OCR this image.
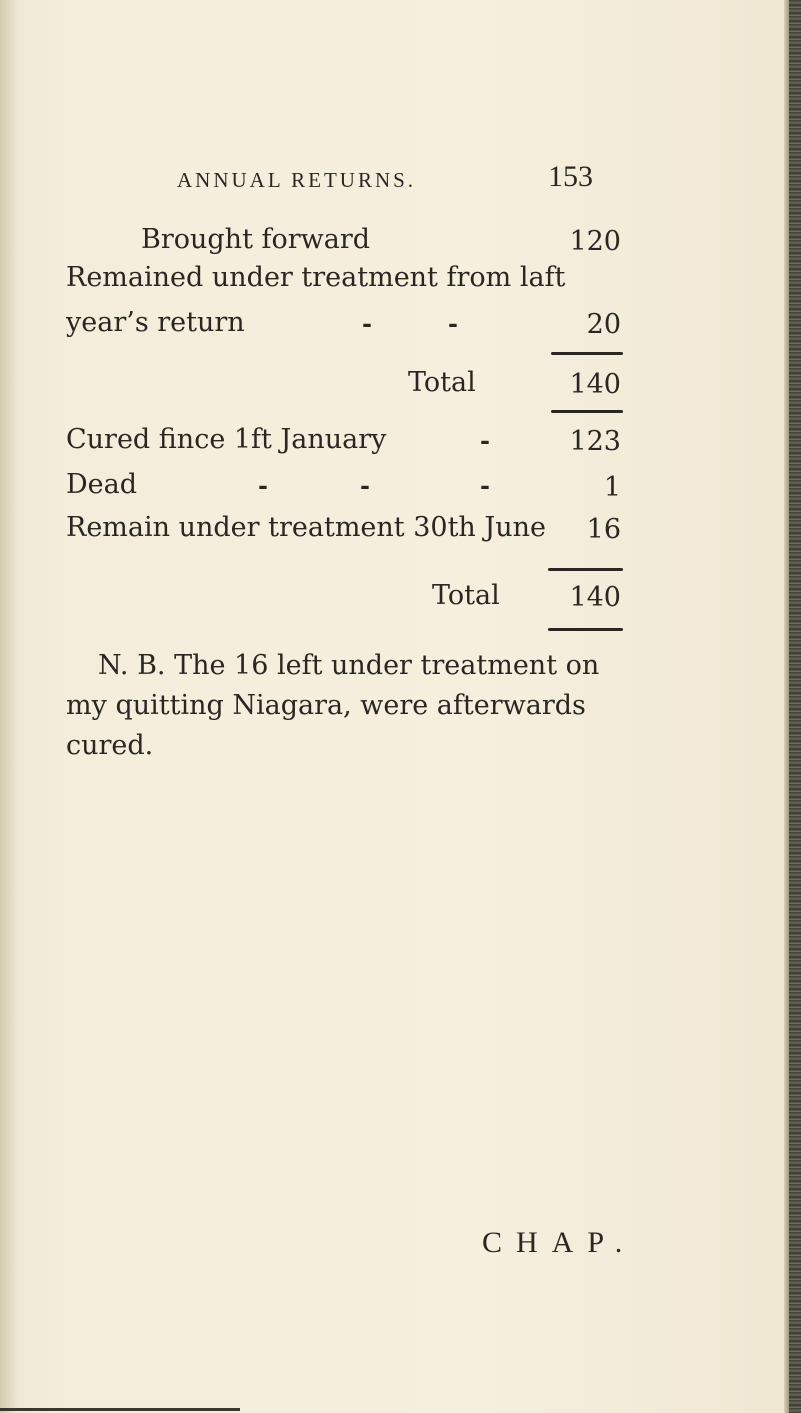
ANNUAL RETURNS.	153
Brought forward	120
Remained under treatment from laft
year’s return	-	-	20
Total	140
Cured fince 1ft January	-	123
Dead	-	-	-	1
Remain under treatment 30th June	16
Total	140
N. B. The 16 left under treatment on
my quitting Niagara, were afterwards
cured.
CHAP.
